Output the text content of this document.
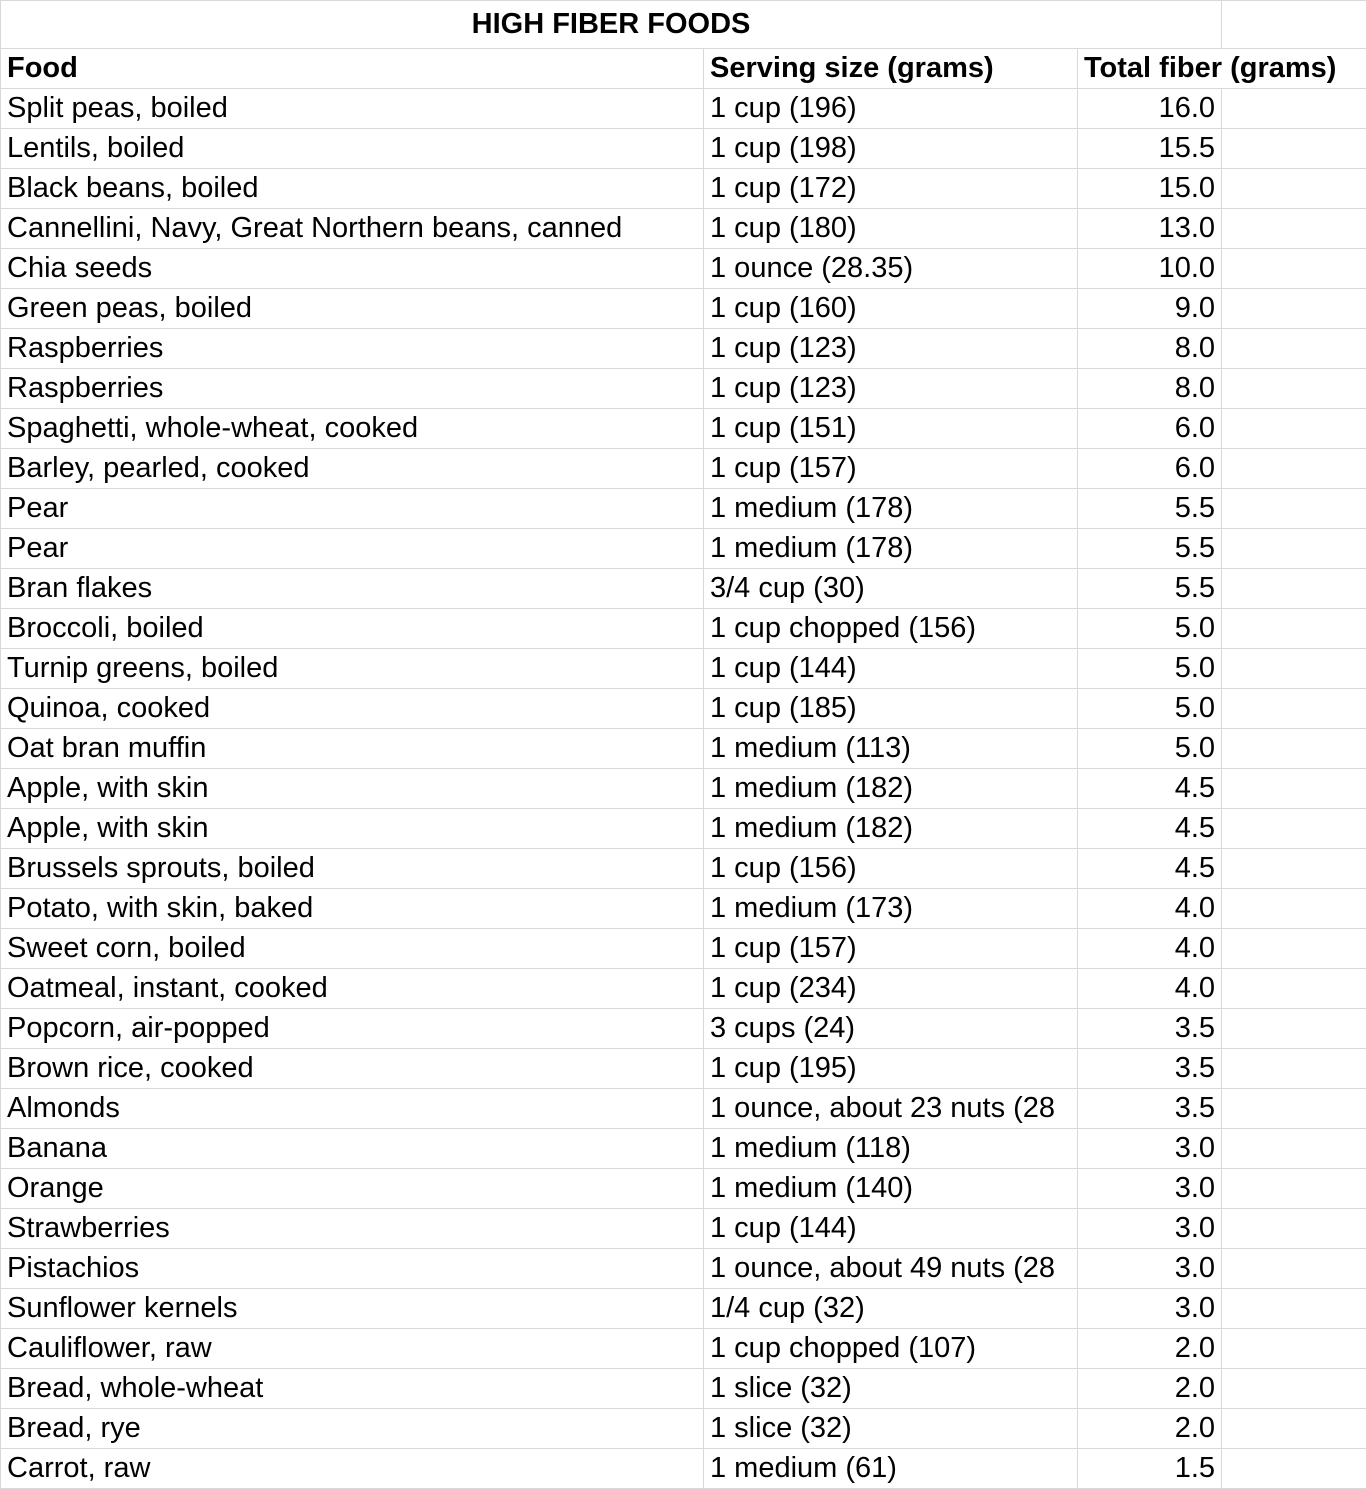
HIGH FIBER FOODS			
Food	Serving size (grams)	Total fiber (grams)	
Split peas, boiled	1 cup (196)	16.0	
Lentils, boiled	1 cup (198)	15.5	
Black beans, boiled	1 cup (172)	15.0	
Cannellini, Navy, Great Northern beans, canned	1 cup (180)	13.0	
Chia seeds	1 ounce (28.35)	10.0	
Green peas, boiled	1 cup (160)	9.0	
Raspberries	1 cup (123)	8.0	
Raspberries	1 cup (123)	8.0	
Spaghetti, whole-wheat, cooked	1 cup (151)	6.0	
Barley, pearled, cooked	1 cup (157)	6.0	
Pear	1 medium (178)	5.5	
Pear	1 medium (178)	5.5	
Bran flakes	3/4 cup (30)	5.5	
Broccoli, boiled	1 cup chopped (156)	5.0	
Turnip greens, boiled	1 cup (144)	5.0	
Quinoa, cooked	1 cup (185)	5.0	
Oat bran muffin	1 medium (113)	5.0	
Apple, with skin	1 medium (182)	4.5	
Apple, with skin	1 medium (182)	4.5	
Brussels sprouts, boiled	1 cup (156)	4.5	
Potato, with skin, baked	1 medium (173)	4.0	
Sweet corn, boiled	1 cup (157)	4.0	
Oatmeal, instant, cooked	1 cup (234)	4.0	
Popcorn, air-popped	3 cups (24)	3.5	
Brown rice, cooked	1 cup (195)	3.5	
Almonds	1 ounce, about 23 nuts (28	3.5	
Banana	1 medium (118)	3.0	
Orange	1 medium (140)	3.0	
Strawberries	1 cup (144)	3.0	
Pistachios	1 ounce, about 49 nuts (28	3.0	
Sunflower kernels	1/4 cup (32)	3.0	
Cauliflower, raw	1 cup chopped (107)	2.0	
Bread, whole-wheat	1 slice (32)	2.0	
Bread, rye	1 slice (32)	2.0	
Carrot, raw	1 medium (61)	1.5	
